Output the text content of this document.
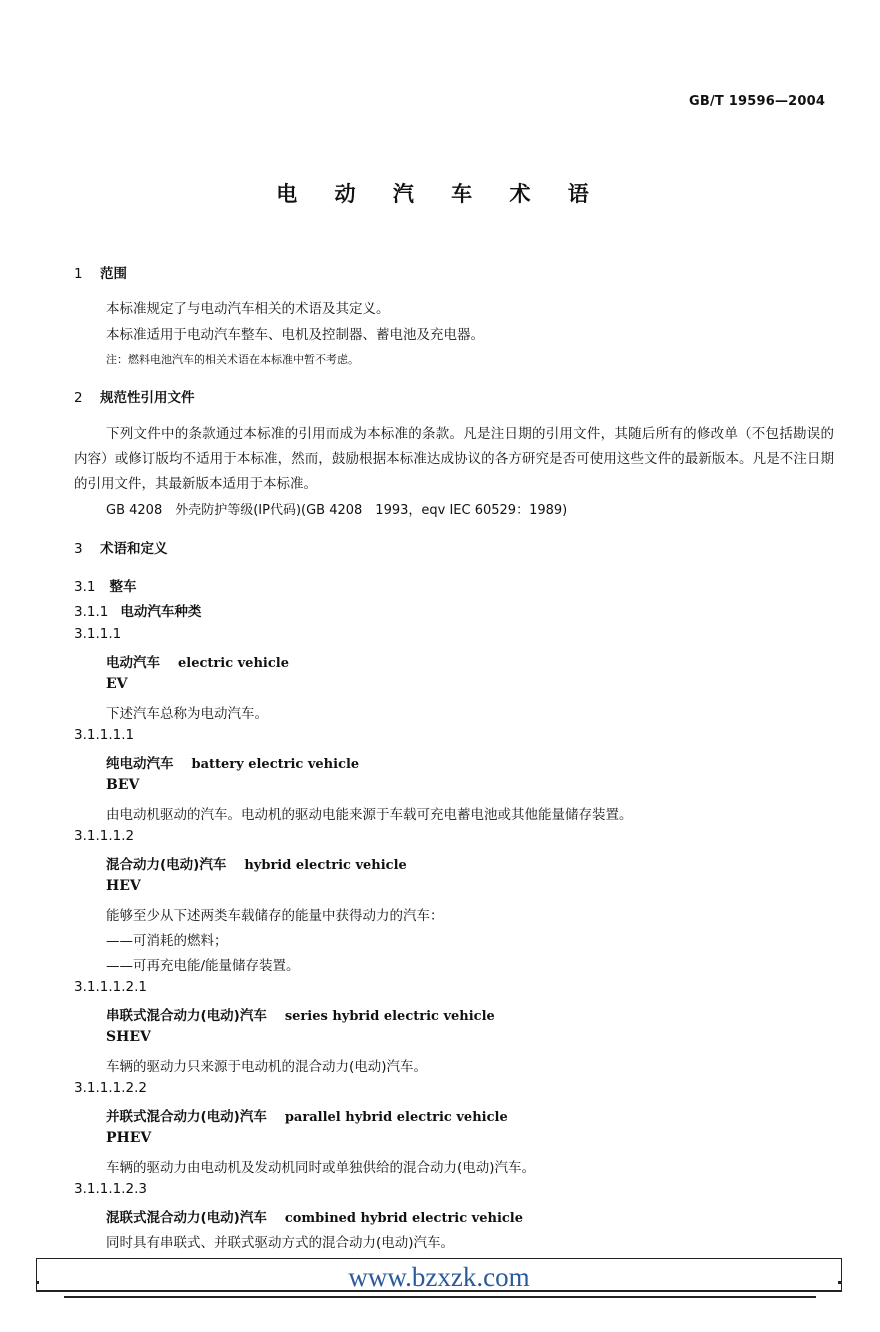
GB/T 19596—2004
电 动 汽 车 术 语
1 范围
本标准规定了与电动汽车相关的术语及其定义。
本标准适用于电动汽车整车、电机及控制器、蓄电池及充电器。
注：燃料电池汽车的相关术语在本标准中暂不考虑。
2 规范性引用文件
下列文件中的条款通过本标准的引用而成为本标准的条款。凡是注日期的引用文件，其随后所有的修改单（不包括勘误的内容）或修订版均不适用于本标准，然而，鼓励根据本标准达成协议的各方研究是否可使用这些文件的最新版本。凡是不注日期的引用文件，其最新版本适用于本标准。
GB 4208　外壳防护等级(IP代码)(GB 4208　1993，eqv IEC 60529：1989)
3 术语和定义
3.1 整车
3.1.1 电动汽车种类
3.1.1.1
电动汽车 electric vehicle
EV
下述汽车总称为电动汽车。
3.1.1.1.1
纯电动汽车 battery electric vehicle
BEV
由电动机驱动的汽车。电动机的驱动电能来源于车载可充电蓄电池或其他能量储存装置。
3.1.1.1.2
混合动力(电动)汽车 hybrid electric vehicle
HEV
能够至少从下述两类车载储存的能量中获得动力的汽车：
——可消耗的燃料；
——可再充电能/能量储存装置。
3.1.1.1.2.1
串联式混合动力(电动)汽车 series hybrid electric vehicle
SHEV
车辆的驱动力只来源于电动机的混合动力(电动)汽车。
3.1.1.1.2.2
并联式混合动力(电动)汽车 parallel hybrid electric vehicle
PHEV
车辆的驱动力由电动机及发动机同时或单独供给的混合动力(电动)汽车。
3.1.1.1.2.3
混联式混合动力(电动)汽车 combined hybrid electric vehicle
同时具有串联式、并联式驱动方式的混合动力(电动)汽车。
www.bzxzk.com
